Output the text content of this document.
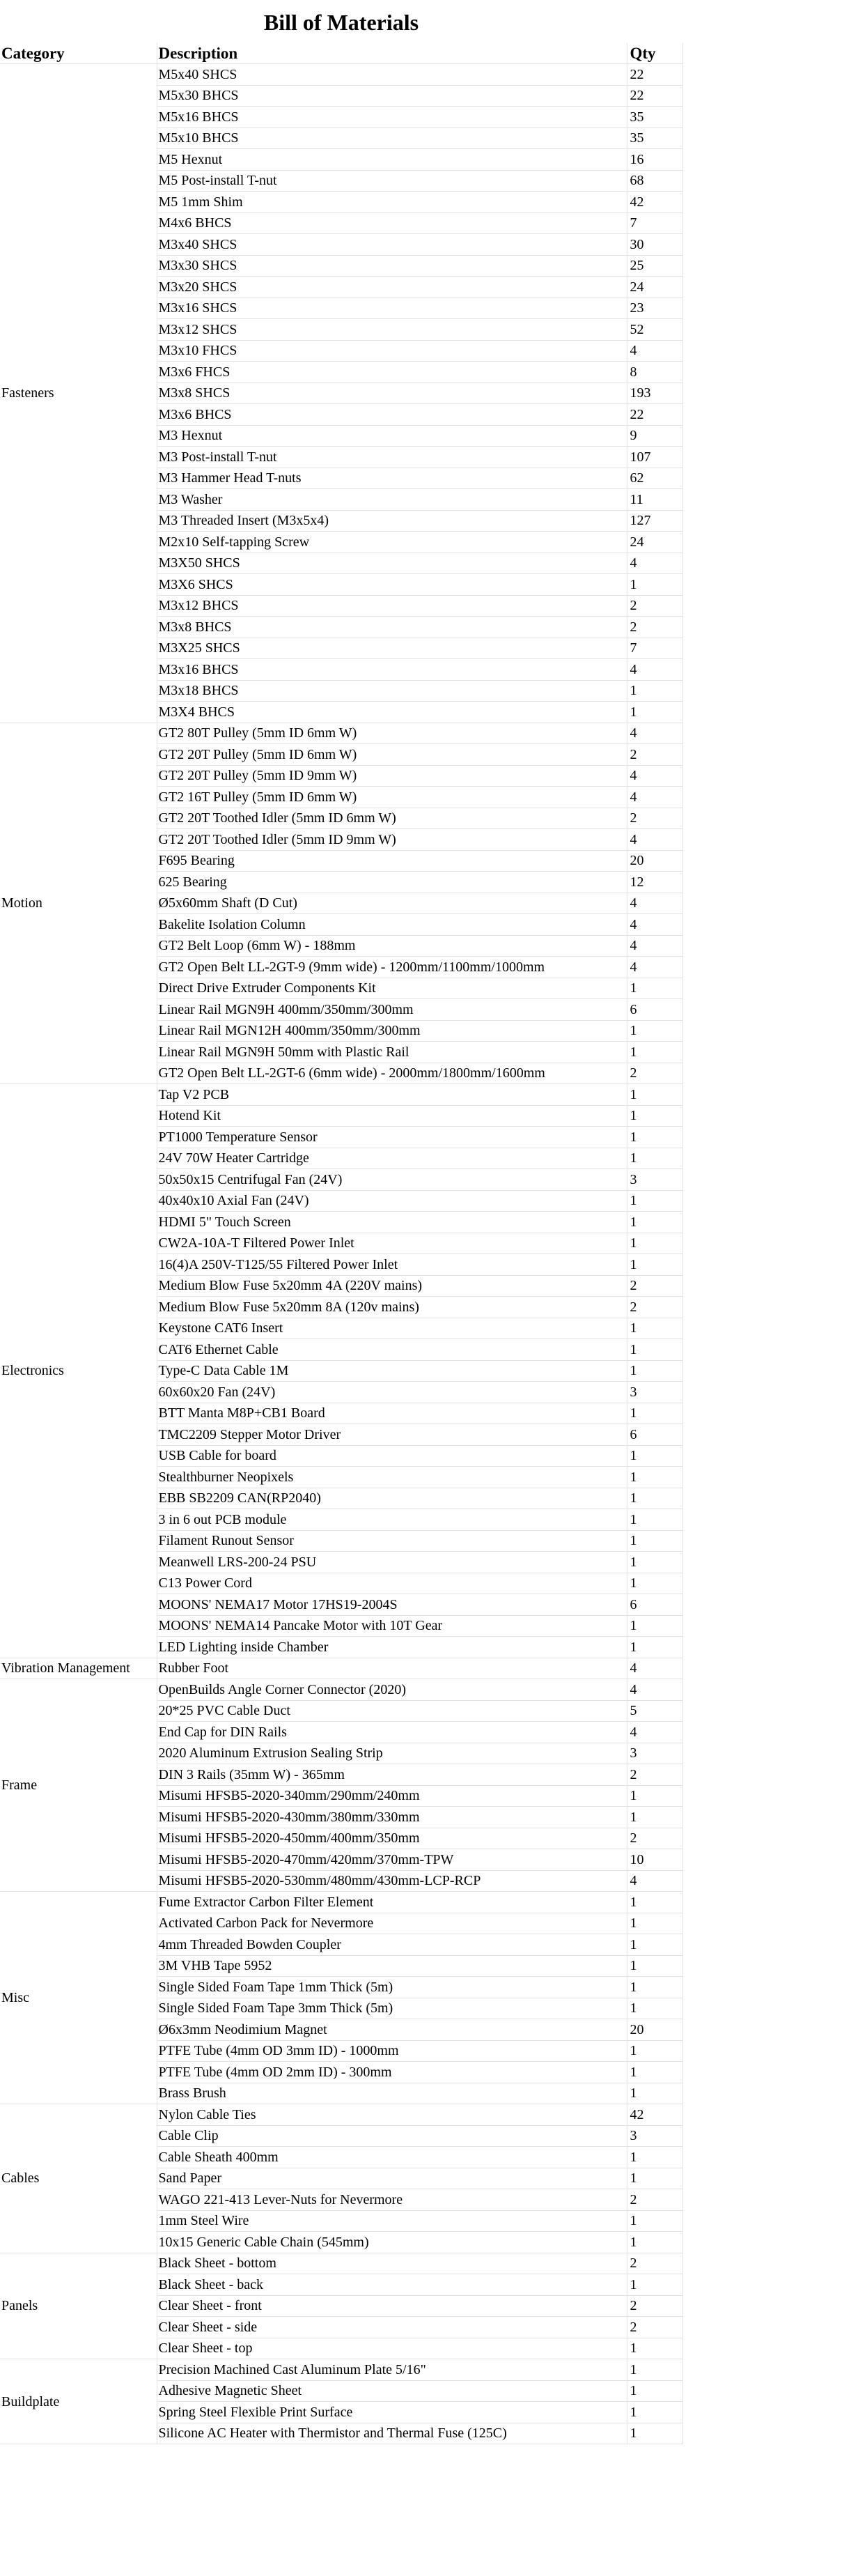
Bill of Materials
Category	Description	Qty
Fasteners	M5x40 SHCS	22
	M5x30 BHCS	22
	M5x16 BHCS	35
	M5x10 BHCS	35
	M5 Hexnut	16
	M5 Post-install T-nut	68
	M5 1mm Shim	42
	M4x6 BHCS	7
	M3x40 SHCS	30
	M3x30 SHCS	25
	M3x20 SHCS	24
	M3x16 SHCS	23
	M3x12 SHCS	52
	M3x10 FHCS	4
	M3x6 FHCS	8
	M3x8 SHCS	193
	M3x6 BHCS	22
	M3 Hexnut	9
	M3 Post-install T-nut	107
	M3 Hammer Head T-nuts	62
	M3 Washer	11
	M3 Threaded Insert (M3x5x4)	127
	M2x10 Self-tapping Screw	24
	M3X50 SHCS	4
	M3X6 SHCS	1
	M3x12 BHCS	2
	M3x8 BHCS	2
	M3X25 SHCS	7
	M3x16 BHCS	4
	M3x18 BHCS	1
	M3X4 BHCS	1
Motion	GT2 80T Pulley (5mm ID 6mm W)	4
	GT2 20T Pulley (5mm ID 6mm W)	2
	GT2 20T Pulley (5mm ID 9mm W)	4
	GT2 16T Pulley (5mm ID 6mm W)	4
	GT2 20T Toothed Idler (5mm ID 6mm W)	2
	GT2 20T Toothed Idler (5mm ID 9mm W)	4
	F695 Bearing	20
	625 Bearing	12
	Ø5x60mm Shaft (D Cut)	4
	Bakelite Isolation Column	4
	GT2 Belt Loop (6mm W) - 188mm	4
	GT2 Open Belt LL-2GT-9 (9mm wide) - 1200mm/1100mm/1000mm	4
	Direct Drive Extruder Components Kit	1
	Linear Rail MGN9H 400mm/350mm/300mm	6
	Linear Rail MGN12H 400mm/350mm/300mm	1
	Linear Rail MGN9H 50mm with Plastic Rail	1
	GT2 Open Belt LL-2GT-6 (6mm wide) - 2000mm/1800mm/1600mm	2
Electronics	Tap V2 PCB	1
	Hotend Kit	1
	PT1000 Temperature Sensor	1
	24V 70W Heater Cartridge	1
	50x50x15 Centrifugal Fan (24V)	3
	40x40x10 Axial Fan (24V)	1
	HDMI 5" Touch Screen	1
	CW2A-10A-T Filtered Power Inlet	1
	16(4)A 250V-T125/55 Filtered Power Inlet	1
	Medium Blow Fuse 5x20mm 4A (220V mains)	2
	Medium Blow Fuse 5x20mm 8A (120v mains)	2
	Keystone CAT6 Insert	1
	CAT6 Ethernet Cable	1
	Type-C Data Cable 1M	1
	60x60x20 Fan (24V)	3
	BTT Manta M8P+CB1 Board	1
	TMC2209 Stepper Motor Driver	6
	USB Cable for board	1
	Stealthburner Neopixels	1
	EBB SB2209 CAN(RP2040)	1
	3 in 6 out PCB module	1
	Filament Runout Sensor	1
	Meanwell LRS-200-24 PSU	1
	C13 Power Cord	1
	MOONS' NEMA17 Motor 17HS19-2004S	6
	MOONS' NEMA14 Pancake Motor with 10T Gear	1
	LED Lighting inside Chamber	1
Vibration Management	Rubber Foot	4
Frame	OpenBuilds Angle Corner Connector (2020)	4
	20*25 PVC Cable Duct	5
	End Cap for DIN Rails	4
	2020 Aluminum Extrusion Sealing Strip	3
	DIN 3 Rails (35mm W) - 365mm	2
	Misumi HFSB5-2020-340mm/290mm/240mm	1
	Misumi HFSB5-2020-430mm/380mm/330mm	1
	Misumi HFSB5-2020-450mm/400mm/350mm	2
	Misumi HFSB5-2020-470mm/420mm/370mm-TPW	10
	Misumi HFSB5-2020-530mm/480mm/430mm-LCP-RCP	4
Misc	Fume Extractor Carbon Filter Element	1
	Activated Carbon Pack for Nevermore	1
	4mm Threaded Bowden Coupler	1
	3M VHB Tape 5952	1
	Single Sided Foam Tape 1mm Thick (5m)	1
	Single Sided Foam Tape 3mm Thick (5m)	1
	Ø6x3mm Neodimium Magnet	20
	PTFE Tube (4mm OD 3mm ID) - 1000mm	1
	PTFE Tube (4mm OD 2mm ID) - 300mm	1
	Brass Brush	1
Cables	Nylon Cable Ties	42
	Cable Clip	3
	Cable Sheath 400mm	1
	Sand Paper	1
	WAGO 221-413 Lever-Nuts for Nevermore	2
	1mm Steel Wire	1
	10x15 Generic Cable Chain (545mm)	1
Panels	Black Sheet - bottom	2
	Black Sheet - back	1
	Clear Sheet - front	2
	Clear Sheet - side	2
	Clear Sheet - top	1
Buildplate	Precision Machined Cast Aluminum Plate 5/16"	1
	Adhesive Magnetic Sheet	1
	Spring Steel Flexible Print Surface	1
	Silicone AC Heater with Thermistor and Thermal Fuse (125C)	1
